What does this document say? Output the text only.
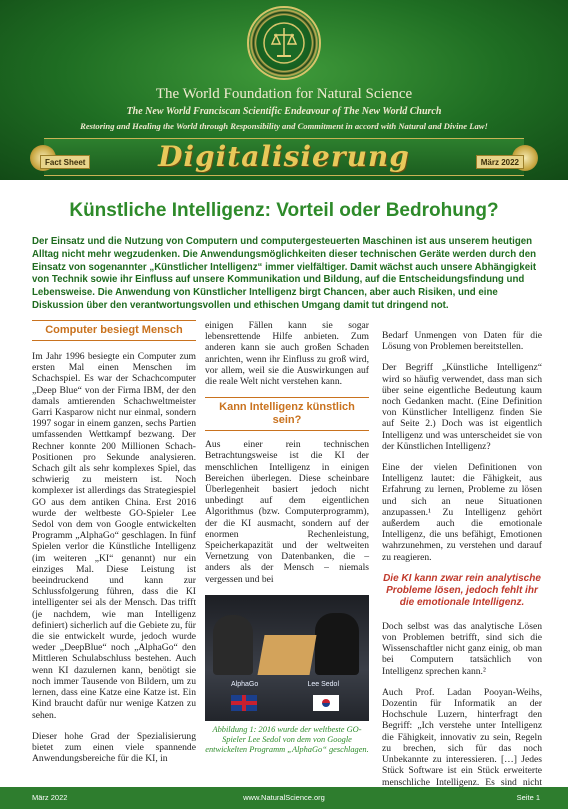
The World Foundation for Natural Science
The New World Franciscan Scientific Endeavour of The New World Church
Restoring and Healing the World through Responsibility and Commitment in accord with Natural and Divine Law!
Digitalisierung
Fact Sheet	März 2022
Künstliche Intelligenz: Vorteil oder Bedrohung?
Der Einsatz und die Nutzung von Computern und computergesteuerten Maschinen ist aus unserem heutigen Alltag nicht mehr wegzudenken. Die Anwendungsmöglichkeiten dieser technischen Geräte werden durch den Einsatz von sogenannter „Künstlicher Intelligenz“ immer vielfältiger. Damit wächst auch unsere Abhängigkeit von Technik sowie ihr Einfluss auf unsere Kommunikation und Bildung, auf die Entscheidungsfindung und Lebensweise. Die Anwendung von Künstlicher Intelligenz birgt Chancen, aber auch Risiken, und eine Diskussion über den verantwortungsvollen und ethischen Umgang damit tut dringend not.
Computer besiegt Mensch

Im Jahr 1996 besiegte ein Computer zum ersten Mal einen Menschen im Schachspiel. Es war der Schachcomputer „Deep Blue“ von der Firma IBM, der den damals amtierenden Schachweltmeister Garri Kasparow nicht nur einmal, sondern 1997 sogar in einem ganzen, sechs Partien umfassenden Wettkampf bezwang. Der Rechner konnte 200 Millionen Schach-Positionen pro Sekunde analysieren. Schach gilt als sehr komplexes Spiel, das schwierig zu meistern ist. Noch komplexer ist allerdings das Strategiespiel GO aus dem antiken China. Erst 2016 wurde der weltbeste GO-Spieler Lee Sedol von dem von Google entwickelten Programm „AlphaGo“ geschlagen. In fünf Spielen verlor die Künstliche Intelligenz (im weiteren „KI“ genannt) nur ein einziges Mal. Diese Leistung ist beeindruckend und kann zur Schlussfolgerung führen, dass die KI intelligenter sei als der Mensch. Das trifft (je nachdem, wie man Intelligenz definiert) sicherlich auf die Gebiete zu, für die sie entwickelt wurde, jedoch wurde weder „DeepBlue“ noch „AlphaGo“ den Mittleren Schulabschluss bestehen. Auch wenn KI dazulernen kann, benötigt sie noch immer Tausende von Bildern, um zu lernen, dass eine Katze eine Katze ist. Ein Kind braucht dafür nur wenige Katzen zu sehen.

Dieser hohe Grad der Spezialisierung bietet zum einen viele spannende Anwendungsbereiche für die KI, in

einigen Fällen kann sie sogar lebensrettende Hilfe anbieten. Zum anderen kann sie auch großen Schaden anrichten, wenn ihr Einfluss zu groß wird, vor allem, weil sie die Auswirkungen auf die reale Welt nicht verstehen kann.

Kann Intelligenz künstlich sein?

Aus einer rein technischen Betrachtungsweise ist die KI der menschlichen Intelligenz in einigen Bereichen überlegen. Diese scheinbare Überlegenheit basiert jedoch nicht unbedingt auf dem eigentlichen Algorithmus (bzw. Computerprogramm), der die KI ausmacht, sondern auf der enormen Rechenleistung, Speicherkapazität und der weltweiten Vernetzung von Datenbanken, die – anders als der Mensch – niemals vergessen und bei

AlphaGo	Lee Sedol
Abbildung 1: 2016 wurde der weltbeste GO-Spieler Lee Sedol von dem von Google entwickelten Programm „AlphaGo“ geschlagen.

Bedarf Unmengen von Daten für die Lösung von Problemen bereitstellen.

Der Begriff „Künstliche Intelligenz“ wird so häufig verwendet, dass man sich über seine eigentliche Bedeutung kaum noch Gedanken macht. (Eine Definition von Künstlicher Intelligenz finden Sie auf Seite 2.) Doch was ist eigentlich Intelligenz und was unterscheidet sie von der Künstlichen Intelligenz?

Eine der vielen Definitionen von Intelligenz lautet: die Fähigkeit, aus Erfahrung zu lernen, Probleme zu lösen und sich an neue Situationen anzupassen.¹ Zu Intelligenz gehört außerdem auch die emotionale Intelligenz, die uns befähigt, Emotionen wahrzunehmen, zu verstehen und darauf zu reagieren.

Die KI kann zwar rein analytische Probleme lösen, jedoch fehlt ihr die emotionale Intelligenz.

Doch selbst was das analytische Lösen von Problemen betrifft, sind sich die Wissenschaftler nicht ganz einig, ob man bei Computern tatsächlich von Intelligenz sprechen kann.²

Auch Prof. Ladan Pooyan-Weihs, Dozentin für Informatik an der Hochschule Luzern, hinterfragt den Begriff: „Ich verstehe unter Intelligenz die Fähigkeit, innovativ zu sein, Regeln zu brechen, sich für das noch Unbekannte zu interessieren. […] Jedes Stück Software ist ein Stück erweiterte menschliche Intelligenz. Es sind nicht

März 2022	www.NaturalScience.org	Seite 1
